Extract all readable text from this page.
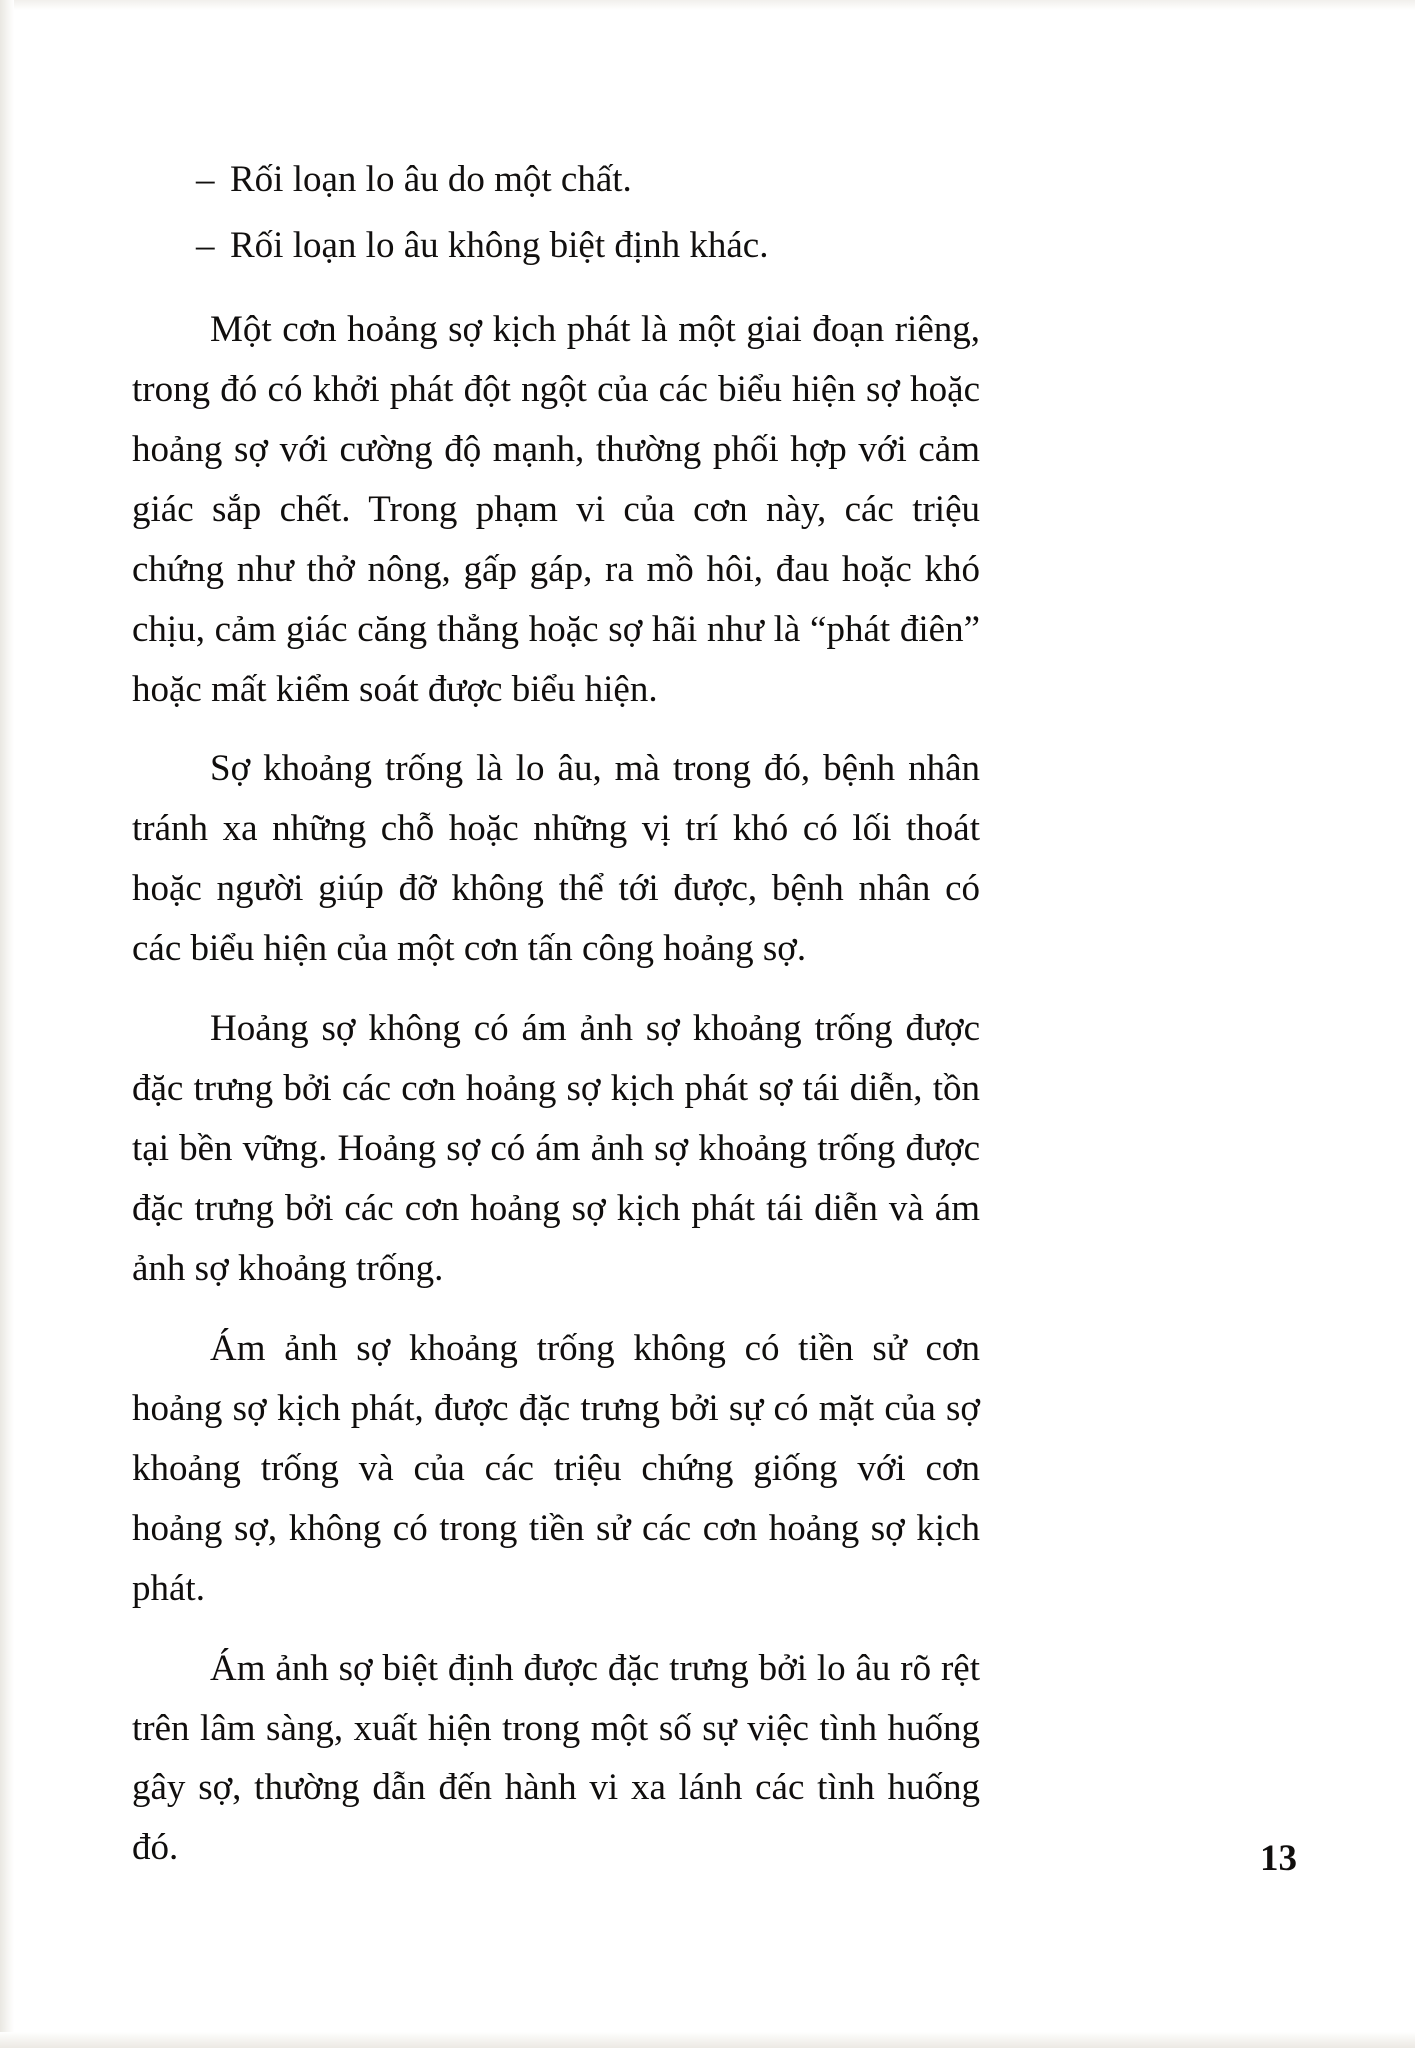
– Rối loạn lo âu do một chất.
– Rối loạn lo âu không biệt định khác.

Một cơn hoảng sợ kịch phát là một giai đoạn riêng, trong đó có khởi phát đột ngột của các biểu hiện sợ hoặc hoảng sợ với cường độ mạnh, thường phối hợp với cảm giác sắp chết. Trong phạm vi của cơn này, các triệu chứng như thở nông, gấp gáp, ra mồ hôi, đau hoặc khó chịu, cảm giác căng thẳng hoặc sợ hãi như là “phát điên” hoặc mất kiểm soát được biểu hiện.

Sợ khoảng trống là lo âu, mà trong đó, bệnh nhân tránh xa những chỗ hoặc những vị trí khó có lối thoát hoặc người giúp đỡ không thể tới được, bệnh nhân có các biểu hiện của một cơn tấn công hoảng sợ.

Hoảng sợ không có ám ảnh sợ khoảng trống được đặc trưng bởi các cơn hoảng sợ kịch phát sợ tái diễn, tồn tại bền vững. Hoảng sợ có ám ảnh sợ khoảng trống được đặc trưng bởi các cơn hoảng sợ kịch phát tái diễn và ám ảnh sợ khoảng trống.

Ám ảnh sợ khoảng trống không có tiền sử cơn hoảng sợ kịch phát, được đặc trưng bởi sự có mặt của sợ khoảng trống và của các triệu chứng giống với cơn hoảng sợ, không có trong tiền sử các cơn hoảng sợ kịch phát.

Ám ảnh sợ biệt định được đặc trưng bởi lo âu rõ rệt trên lâm sàng, xuất hiện trong một số sự việc tình huống gây sợ, thường dẫn đến hành vi xa lánh các tình huống đó.	13
